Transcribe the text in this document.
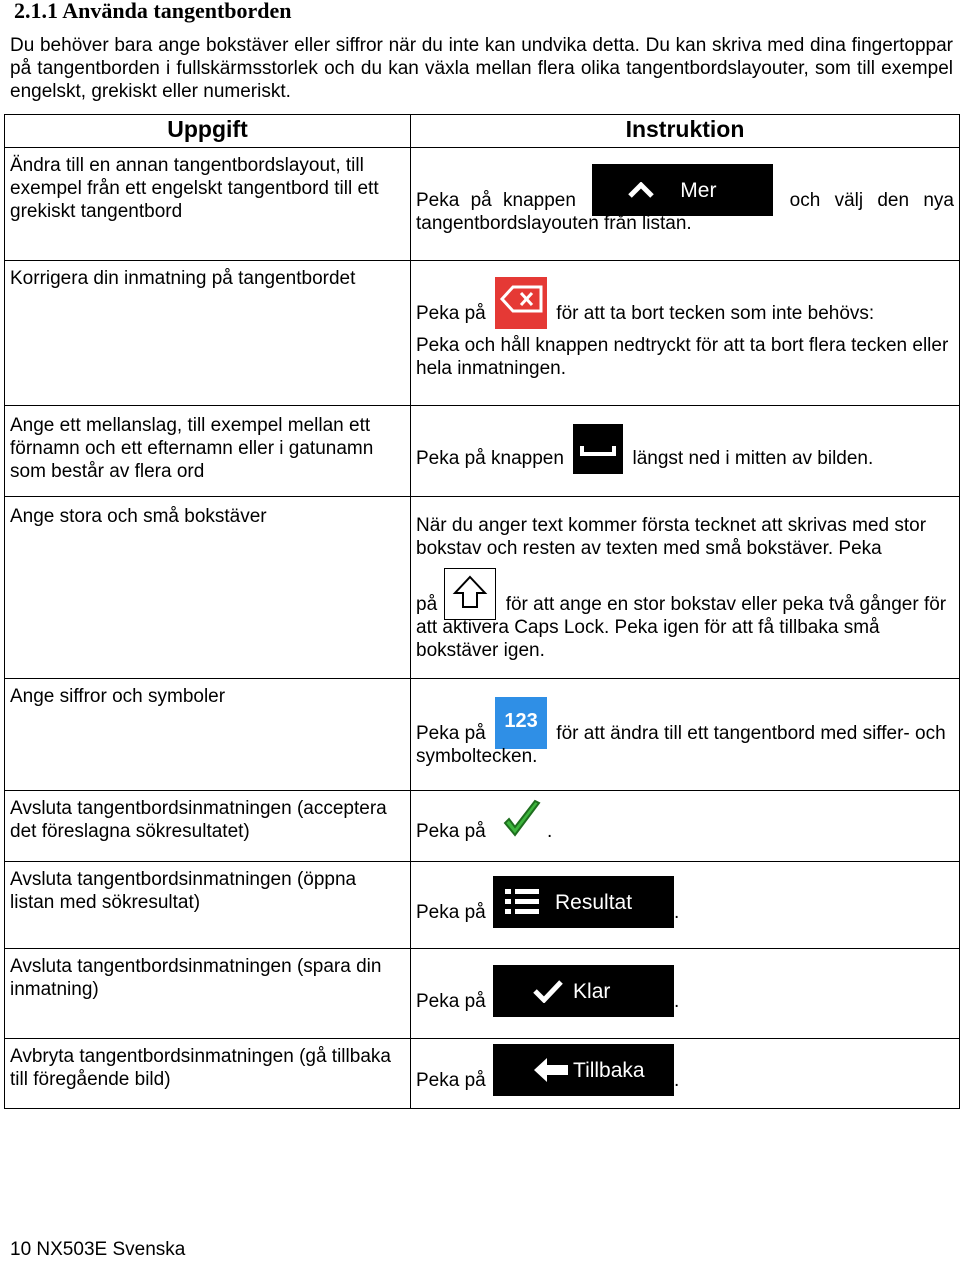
2.1.1 Använda tangentborden
Du behöver bara ange bokstäver eller siffror när du inte kan undvika detta. Du kan skriva med dina fingertoppar på tangentborden i fullskärmsstorlek och du kan växla mellan flera olika tangentbordslayouter, som till exempel engelskt, grekiskt eller numeriskt.
Uppgift	Instruktion
Ändra till en annan tangentbordslayout, till exempel från ett engelskt tangentbord till ett grekiskt tangentbord	Peka på knappen Mer och välj den nya
tangentbordslayouten från listan.

Korrigera din inmatning på tangentbordet	Peka på för att ta bort tecken som inte behövs:
Peka och håll knappen nedtryckt för att ta bort flera tecken eller hela inmatningen.

Ange ett mellanslag, till exempel mellan ett förnamn och ett efternamn eller i gatunamn som består av flera ord	Peka på knappen längst ned i mitten av bilden.
Ange stora och små bokstäver	När du anger text kommer första tecknet att skrivas med stor bokstav och resten av texten med små bokstäver. Peka
på för att ange en stor bokstav eller peka två gånger för att aktivera Caps Lock. Peka igen för att få tillbaka små bokstäver igen.

Ange siffror och symboler	Peka på 123 för att ändra till ett tangentbord med siffer- och symboltecken.
Avsluta tangentbordsinmatningen (acceptera det föreslagna sökresultatet)	Peka på .
Avsluta tangentbordsinmatningen (öppna listan med sökresultat)	Peka på Resultat .
Avsluta tangentbordsinmatningen (spara din inmatning)	Peka på Klar .
Avbryta tangentbordsinmatningen (gå tillbaka till föregående bild)	Peka på Tillbaka .
10 NX503E Svenska
